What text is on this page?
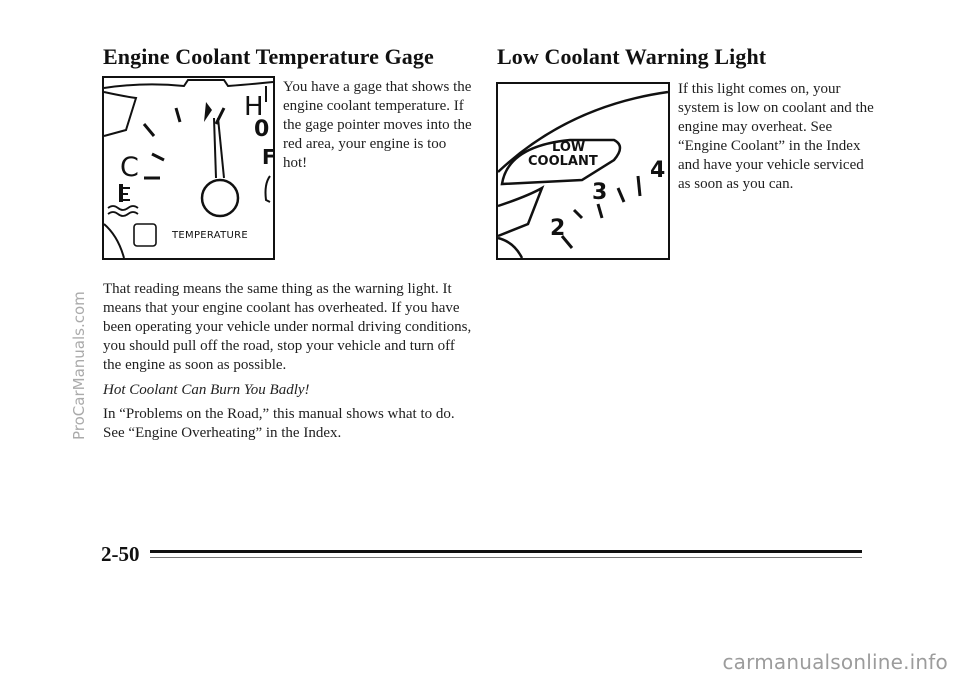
Engine Coolant Temperature Gage
0
F
H
C
TEMPERATURE
You have a gage that shows the engine coolant temperature. If the gage pointer moves into the red area, your engine is too hot!
That reading means the same thing as the warning light. It means that your engine coolant has overheated. If you have been operating your vehicle under normal driving conditions, you should pull off the road, stop your vehicle and turn off the engine as soon as possible.
Hot Coolant Can Burn You Badly!
In “Problems on the Road,” this manual shows what to do. See “Engine Overheating” in the Index.
Low Coolant Warning Light
LOW
COOLANT
2
3
4
If this light comes on, your system is low on coolant and the engine may overheat. See “Engine Coolant” in the Index and have your vehicle serviced as soon as you can.
2-50
ProCarManuals.com
carmanualsonline.info
